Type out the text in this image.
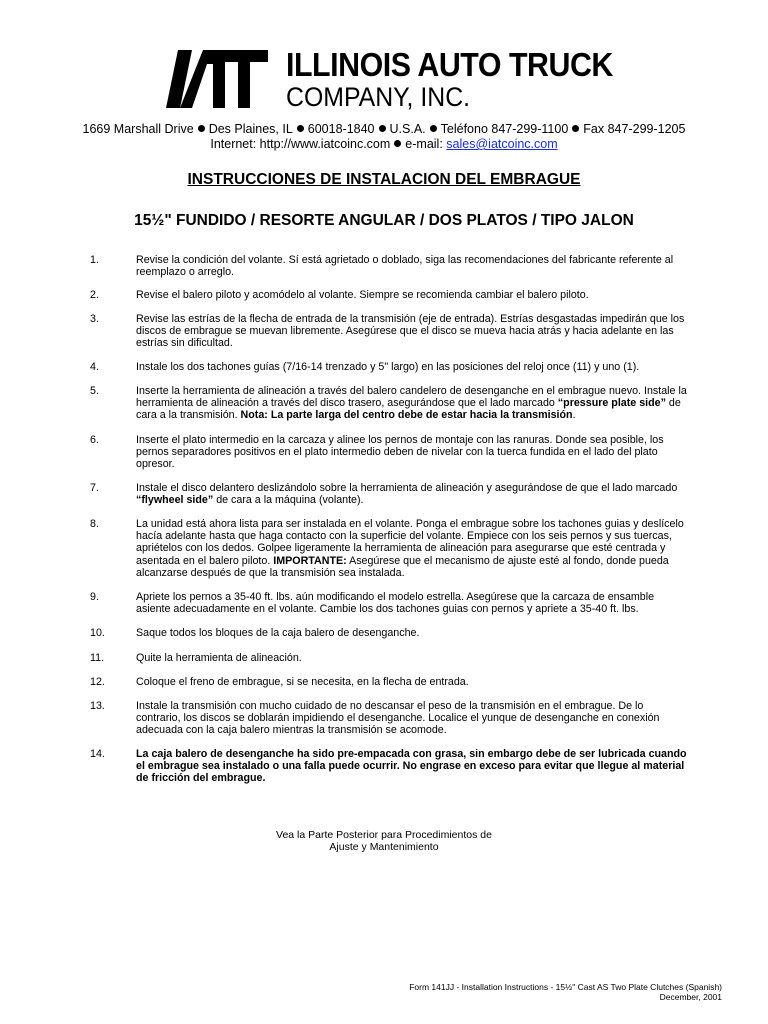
ILLINOIS AUTO TRUCK
COMPANY, INC.
1669 Marshall Drive Des Plaines, IL 60018-1840 U.S.A. Teléfono 847-299-1100 Fax 847-299-1205
Internet: http://www.iatcoinc.com e-mail: sales@iatcoinc.com
INSTRUCCIONES DE INSTALACION DEL EMBRAGUE
15½" FUNDIDO / RESORTE ANGULAR / DOS PLATOS / TIPO JALON
1.	Revise la condición del volante. Sí está agrietado o doblado, siga las recomendaciones del fabricante referente al
reemplazo o arreglo.
2.	Revise el balero piloto y acomódelo al volante. Siempre se recomienda cambiar el balero piloto.
3.	Revise las estrías de la flecha de entrada de la transmisión (eje de entrada). Estrías desgastadas impedirán que los
discos de embrague se muevan libremente. Asegúrese que el disco se mueva hacia atrás y hacia adelante en las
estrías sin dificultad.
4.	Instale los dos tachones guías (7/16-14 trenzado y 5" largo) en las posiciones del reloj once (11) y uno (1).
5.	Inserte la herramienta de alineación a través del balero candelero de desenganche en el embrague nuevo. Instale la
herramienta de alineación a través del disco trasero, asegurándose que el lado marcado “pressure plate side” de
cara a la transmisión. Nota: La parte larga del centro debe de estar hacia la transmisión.
6.	Inserte el plato intermedio en la carcaza y alinee los pernos de montaje con las ranuras. Donde sea posible, los
pernos separadores positivos en el plato intermedio deben de nivelar con la tuerca fundida en el lado del plato
opresor.
7.	Instale el disco delantero deslizándolo sobre la herramienta de alineación y asegurándose de que el lado marcado
“flywheel side” de cara a la máquina (volante).
8.	La unidad está ahora lista para ser instalada en el volante. Ponga el embrague sobre los tachones guias y deslícelo
hacía adelante hasta que haga contacto con la superficie del volante. Empiece con los seis pernos y sus tuercas,
apriételos con los dedos. Golpee ligeramente la herramienta de alineación para asegurarse que esté centrada y
asentada en el balero piloto. IMPORTANTE: Asegúrese que el mecanismo de ajuste esté al fondo, donde pueda
alcanzarse después de que la transmisión sea instalada.
9.	Apriete los pernos a 35-40 ft. lbs. aún modificando el modelo estrella. Asegúrese que la carcaza de ensamble
asiente adecuadamente en el volante. Cambie los dos tachones guias con pernos y apriete a 35-40 ft. lbs.
10.	Saque todos los bloques de la caja balero de desenganche.
11.	Quite la herramienta de alineación.
12.	Coloque el freno de embrague, si se necesita, en la flecha de entrada.
13.	Instale la transmisión con mucho cuidado de no descansar el peso de la transmisión en el embrague. De lo
contrario, los discos se doblarán impidiendo el desenganche. Localice el yunque de desenganche en conexión
adecuada con la caja balero mientras la transmisión se acomode.
14.	La caja balero de desenganche ha sido pre-empacada con grasa, sin embargo debe de ser lubricada cuando
el embrague sea instalado o una falla puede ocurrir. No engrase en exceso para evitar que llegue al material
de fricción del embrague.
Vea la Parte Posterior para Procedimientos de
Ajuste y Mantenimiento
Form 141JJ - Installation Instructions - 15½" Cast AS Two Plate Clutches (Spanish)
December, 2001
